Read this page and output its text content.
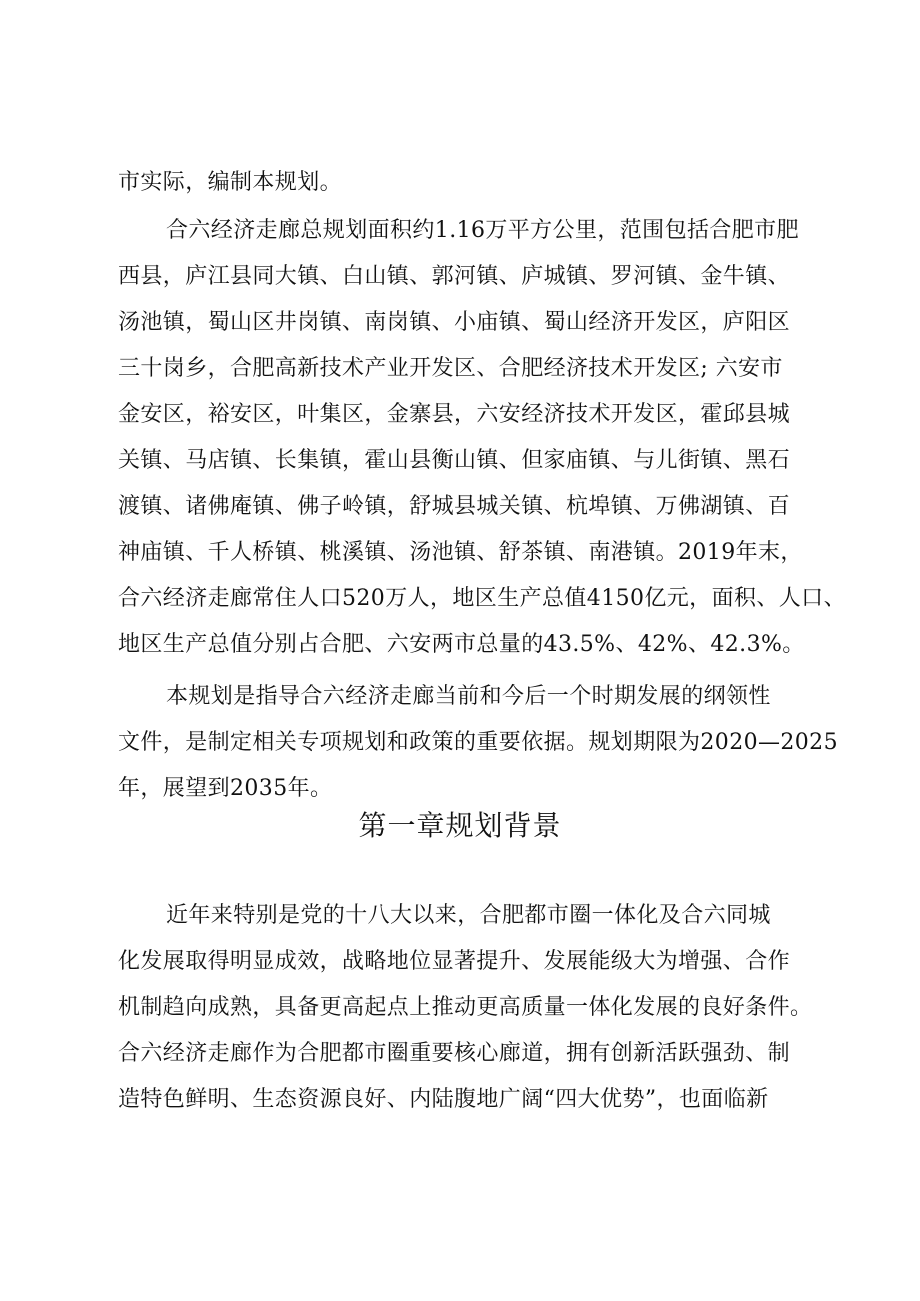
市实际，编制本规划。
合六经济走廊总规划面积约1.16万平方公里，范围包括合肥市肥
西县，庐江县同大镇、白山镇、郭河镇、庐城镇、罗河镇、金牛镇、
汤池镇，蜀山区井岗镇、南岗镇、小庙镇、蜀山经济开发区，庐阳区
三十岗乡，合肥高新技术产业开发区、合肥经济技术开发区; 六安市
金安区，裕安区，叶集区，金寨县，六安经济技术开发区，霍邱县城
关镇、马店镇、长集镇，霍山县衡山镇、但家庙镇、与儿街镇、黑石
渡镇、诸佛庵镇、佛子岭镇，舒城县城关镇、杭埠镇、万佛湖镇、百
神庙镇、千人桥镇、桃溪镇、汤池镇、舒茶镇、南港镇。2019年末，
合六经济走廊常住人口520万人，地区生产总值4150亿元，面积、人口、
地区生产总值分别占合肥、六安两市总量的43.5%、42%、42.3%。
本规划是指导合六经济走廊当前和今后一个时期发展的纲领性
文件，是制定相关专项规划和政策的重要依据。规划期限为2020—2025
年，展望到2035年。
第一章规划背景
近年来特别是党的十八大以来，合肥都市圈一体化及合六同城
化发展取得明显成效，战略地位显著提升、发展能级大为增强、合作
机制趋向成熟，具备更高起点上推动更高质量一体化发展的良好条件。
合六经济走廊作为合肥都市圈重要核心廊道，拥有创新活跃强劲、制
造特色鲜明、生态资源良好、内陆腹地广阔“四大优势”，也面临新
